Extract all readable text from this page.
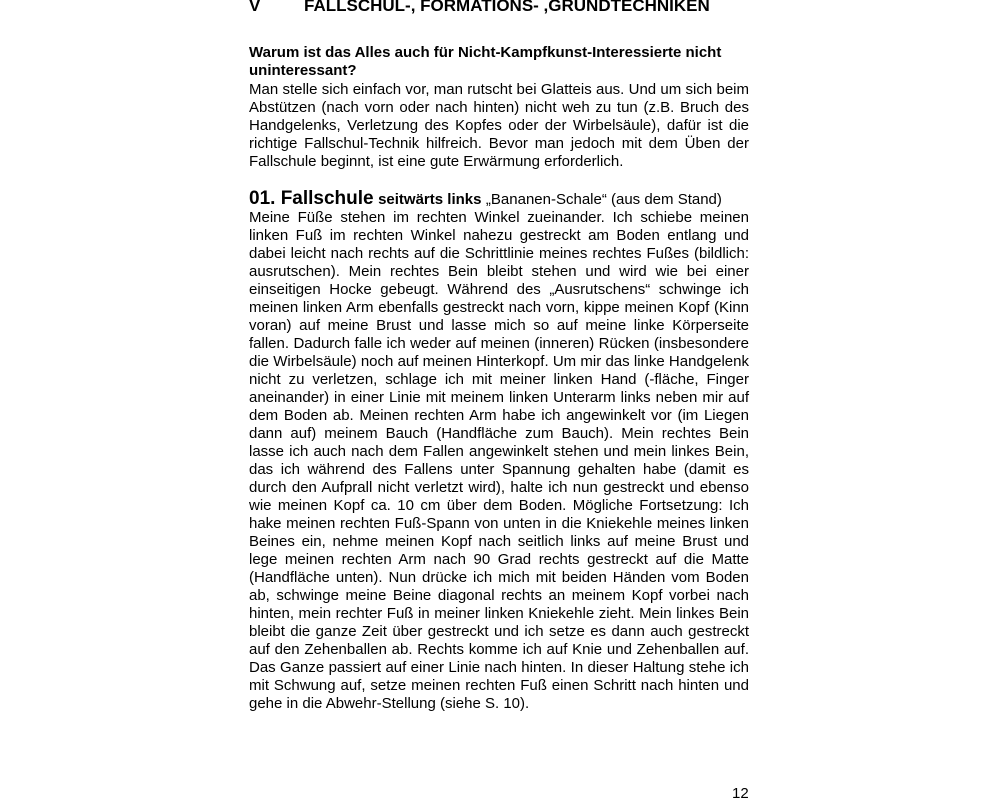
V	FALLSCHUL-, FORMATIONS- ,GRUNDTECHNIKEN
Warum ist das Alles auch für Nicht-Kampfkunst-Interessierte nicht uninteressant?
Man stelle sich einfach vor, man rutscht bei Glatteis aus. Und um sich beim Abstützen (nach vorn oder nach hinten) nicht weh zu tun (z.B. Bruch des Handgelenks, Verletzung des Kopfes oder der Wirbelsäule), dafür ist die richtige Fallschul-Technik hilfreich. Bevor man jedoch mit dem Üben der Fallschule beginnt, ist eine gute Erwärmung erforderlich.
01. Fallschule seitwärts links „Bananen-Schale“ (aus dem Stand)
Meine Füße stehen im rechten Winkel zueinander. Ich schiebe meinen linken Fuß im rechten Winkel nahezu gestreckt am Boden entlang und dabei leicht nach rechts auf die Schrittlinie meines rechtes Fußes (bildlich: ausrutschen). Mein rechtes Bein bleibt stehen und wird wie bei einer einseitigen Hocke gebeugt. Während des „Ausrutschens“ schwinge ich meinen linken Arm ebenfalls gestreckt nach vorn, kippe meinen Kopf (Kinn voran) auf meine Brust und lasse mich so auf meine linke Körperseite fallen. Dadurch falle ich weder auf meinen (inneren) Rücken (insbesondere die Wirbelsäule) noch auf meinen Hinterkopf. Um mir das linke Handgelenk nicht zu verletzen, schlage ich mit meiner linken Hand (-fläche, Finger aneinander) in einer Linie mit meinem linken Unterarm links neben mir auf dem Boden ab. Meinen rechten Arm habe ich angewinkelt vor (im Liegen dann auf) meinem Bauch (Handfläche zum Bauch). Mein rechtes Bein lasse ich auch nach dem Fallen angewinkelt stehen und mein linkes Bein, das ich während des Fallens unter Spannung gehalten habe (damit es durch den Aufprall nicht verletzt wird), halte ich nun gestreckt und ebenso wie meinen Kopf ca. 10 cm über dem Boden. Mögliche Fortsetzung: Ich hake meinen rechten Fuß-Spann von unten in die Kniekehle meines linken Beines ein, nehme meinen Kopf nach seitlich links auf meine Brust und lege meinen rechten Arm nach 90 Grad rechts gestreckt auf die Matte (Handfläche unten). Nun drücke ich mich mit beiden Händen vom Boden ab, schwinge meine Beine diagonal rechts an meinem Kopf vorbei nach hinten, mein rechter Fuß in meiner linken Kniekehle zieht. Mein linkes Bein bleibt die ganze Zeit über gestreckt und ich setze es dann auch gestreckt auf den Zehenballen ab. Rechts komme ich auf Knie und Zehenballen auf. Das Ganze passiert auf einer Linie nach hinten. In dieser Haltung stehe ich mit Schwung auf, setze meinen rechten Fuß einen Schritt nach hinten und gehe in die Abwehr-Stellung (siehe S. 10).
12
